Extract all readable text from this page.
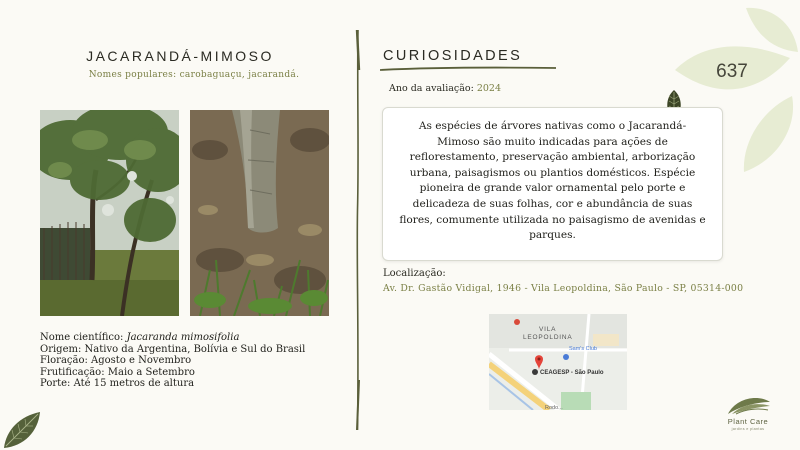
637
JACARANDÁ-MIMOSO
Nomes populares: carobaguaçu, jacarandá.

Nome científico: Jacaranda mimosifolia

Origem: Nativo da Argentina, Bolívia e Sul do Brasil

Floração: Agosto e Novembro

Frutificação: Maio a Setembro

Porte: Até 15 metros de altura

CURIOSIDADES
Ano da avaliação: 2024
As espécies de árvores nativas como o Jacarandá-Mimoso são muito indicadas para ações de reflorestamento, preservação ambiental, arborização urbana, paisagismos ou plantios domésticos. Espécie pioneira de grande valor ornamental pelo porte e delicadeza de suas folhas, cor e abundância de suas flores, comumente utilizada no paisagismo de avenidas e parques.
Localização:
Av. Dr. Gastão Vidigal, 1946 - Vila Leopoldina, São Paulo - SP, 05314-000
VILA
LEOPOLDINA
Sam's Club
CEAGESP - São Paulo
Rodo...
Plant Care
jardins e plantas
